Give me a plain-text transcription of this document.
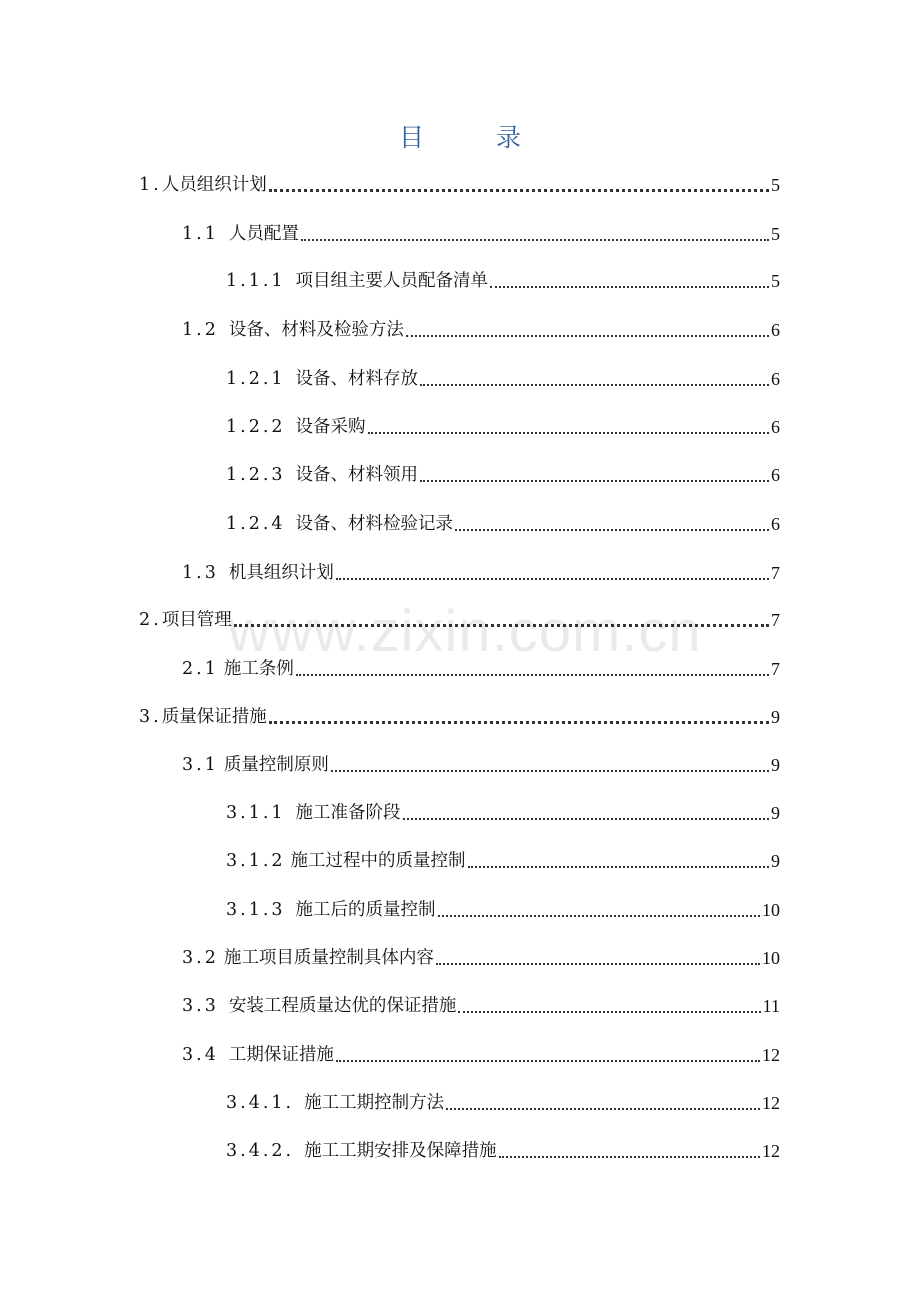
目	录
1. 人员组织计划	5
1.1 人员配置	5
1.1.1 项目组主要人员配备清单	5
1.2 设备、材料及检验方法	6
1.2.1 设备、材料存放	6
1.2.2 设备采购	6
1.2.3 设备、材料领用	6
1.2.4 设备、材料检验记录	6
1.3 机具组织计划	7
2. 项目管理	7
2.1 施工条例	7
3. 质量保证措施	9
3.1 质量控制原则	9
3.1.1 施工准备阶段	9
3.1.2 施工过程中的质量控制	9
3.1.3 施工后的质量控制	10
3.2 施工项目质量控制具体内容	10
3.3 安装工程质量达优的保证措施	11
3.4 工期保证措施	12
3.4.1. 施工工期控制方法	12
3.4.2. 施工工期安排及保障措施	12
www.zixin.com.cn
